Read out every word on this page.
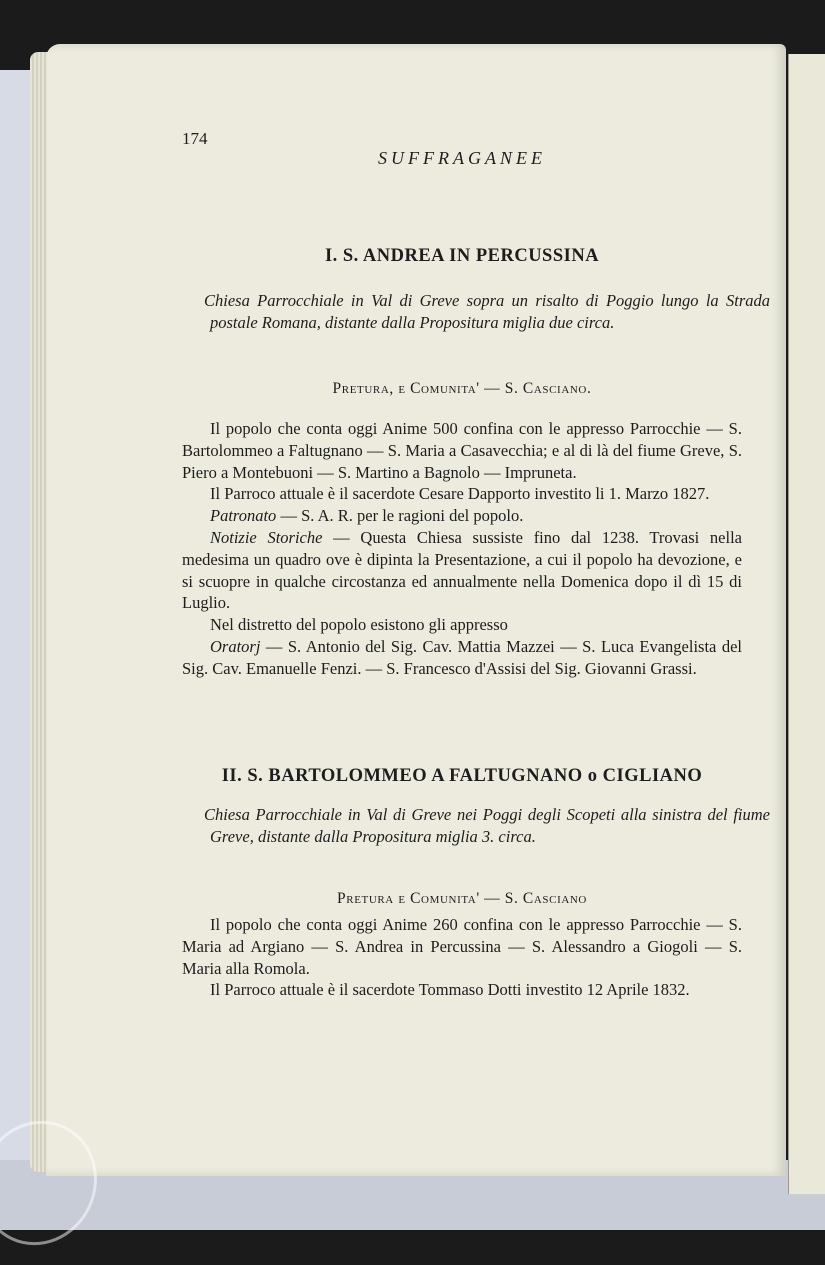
174
SUFFRAGANEE
I. S. ANDREA IN PERCUSSINA

Chiesa Parrocchiale in Val di Greve sopra un risalto di Poggio lungo la Strada postale Romana, distante dalla Propositura miglia due circa.

Pretura, e Comunita' — S. Casciano.

Il popolo che conta oggi Anime 500 confina con le appresso Parrocchie — S. Bartolommeo a Faltugnano — S. Maria a Casavecchia; e al di là del fiume Greve, S. Piero a Montebuoni — S. Martino a Bagnolo — Impruneta.

Il Parroco attuale è il sacerdote Cesare Dapporto investito li 1. Marzo 1827.

Patronato — S. A. R. per le ragioni del popolo.

Notizie Storiche — Questa Chiesa sussiste fino dal 1238. Trovasi nella medesima un quadro ove è dipinta la Presentazione, a cui il popolo ha devozione, e si scuopre in qualche circostanza ed annualmente nella Domenica dopo il dì 15 di Luglio.

Nel distretto del popolo esistono gli appresso

Oratorj — S. Antonio del Sig. Cav. Mattia Mazzei — S. Luca Evangelista del Sig. Cav. Emanuelle Fenzi. — S. Francesco d'Assisi del Sig. Giovanni Grassi.

II. S. BARTOLOMMEO A FALTUGNANO o CIGLIANO

Chiesa Parrocchiale in Val di Greve nei Poggi degli Scopeti alla sinistra del fiume Greve, distante dalla Propositura miglia 3. circa.

Pretura e Comunita' — S. Casciano

Il popolo che conta oggi Anime 260 confina con le appresso Parrocchie — S. Maria ad Argiano — S. Andrea in Percussina — S. Alessandro a Giogoli — S. Maria alla Romola.

Il Parroco attuale è il sacerdote Tommaso Dotti investito 12 Aprile 1832.
